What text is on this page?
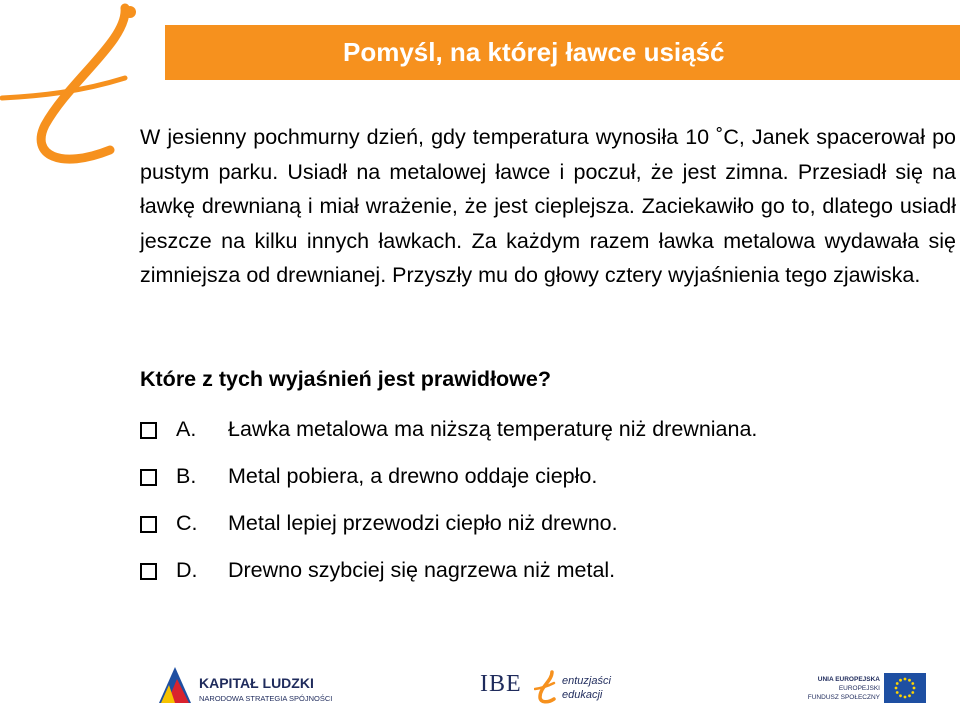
Pomyśl, na której ławce usiąść

W jesienny pochmurny dzień, gdy temperatura wynosiła 10 ˚C, Janek spacerował po pustym parku. Usiadł na metalowej ławce i poczuł, że jest zimna. Przesiadł się na ławkę drewnianą i miał wrażenie, że jest cieplejsza. Zaciekawiło go to, dlatego usiadł jeszcze na kilku innych ławkach. Za każdym razem ławka metalowa wydawała się zimniejsza od drewnianej. Przyszły mu do głowy cztery wyjaśnienia tego zjawiska.

Które z tych wyjaśnień jest prawidłowe?
A.	Ławka metalowa ma niższą temperaturę niż drewniana.
B.	Metal pobiera, a drewno oddaje ciepło.
C.	Metal lepiej przewodzi ciepło niż drewno.
D.	Drewno szybciej się nagrzewa niż metal.
KAPITAŁ LUDZKI
NARODOWA STRATEGIA SPÓJNOŚCI
IBE	entuzjaści
edukacji
UNIA EUROPEJSKA
EUROPEJSKI
FUNDUSZ SPOŁECZNY
